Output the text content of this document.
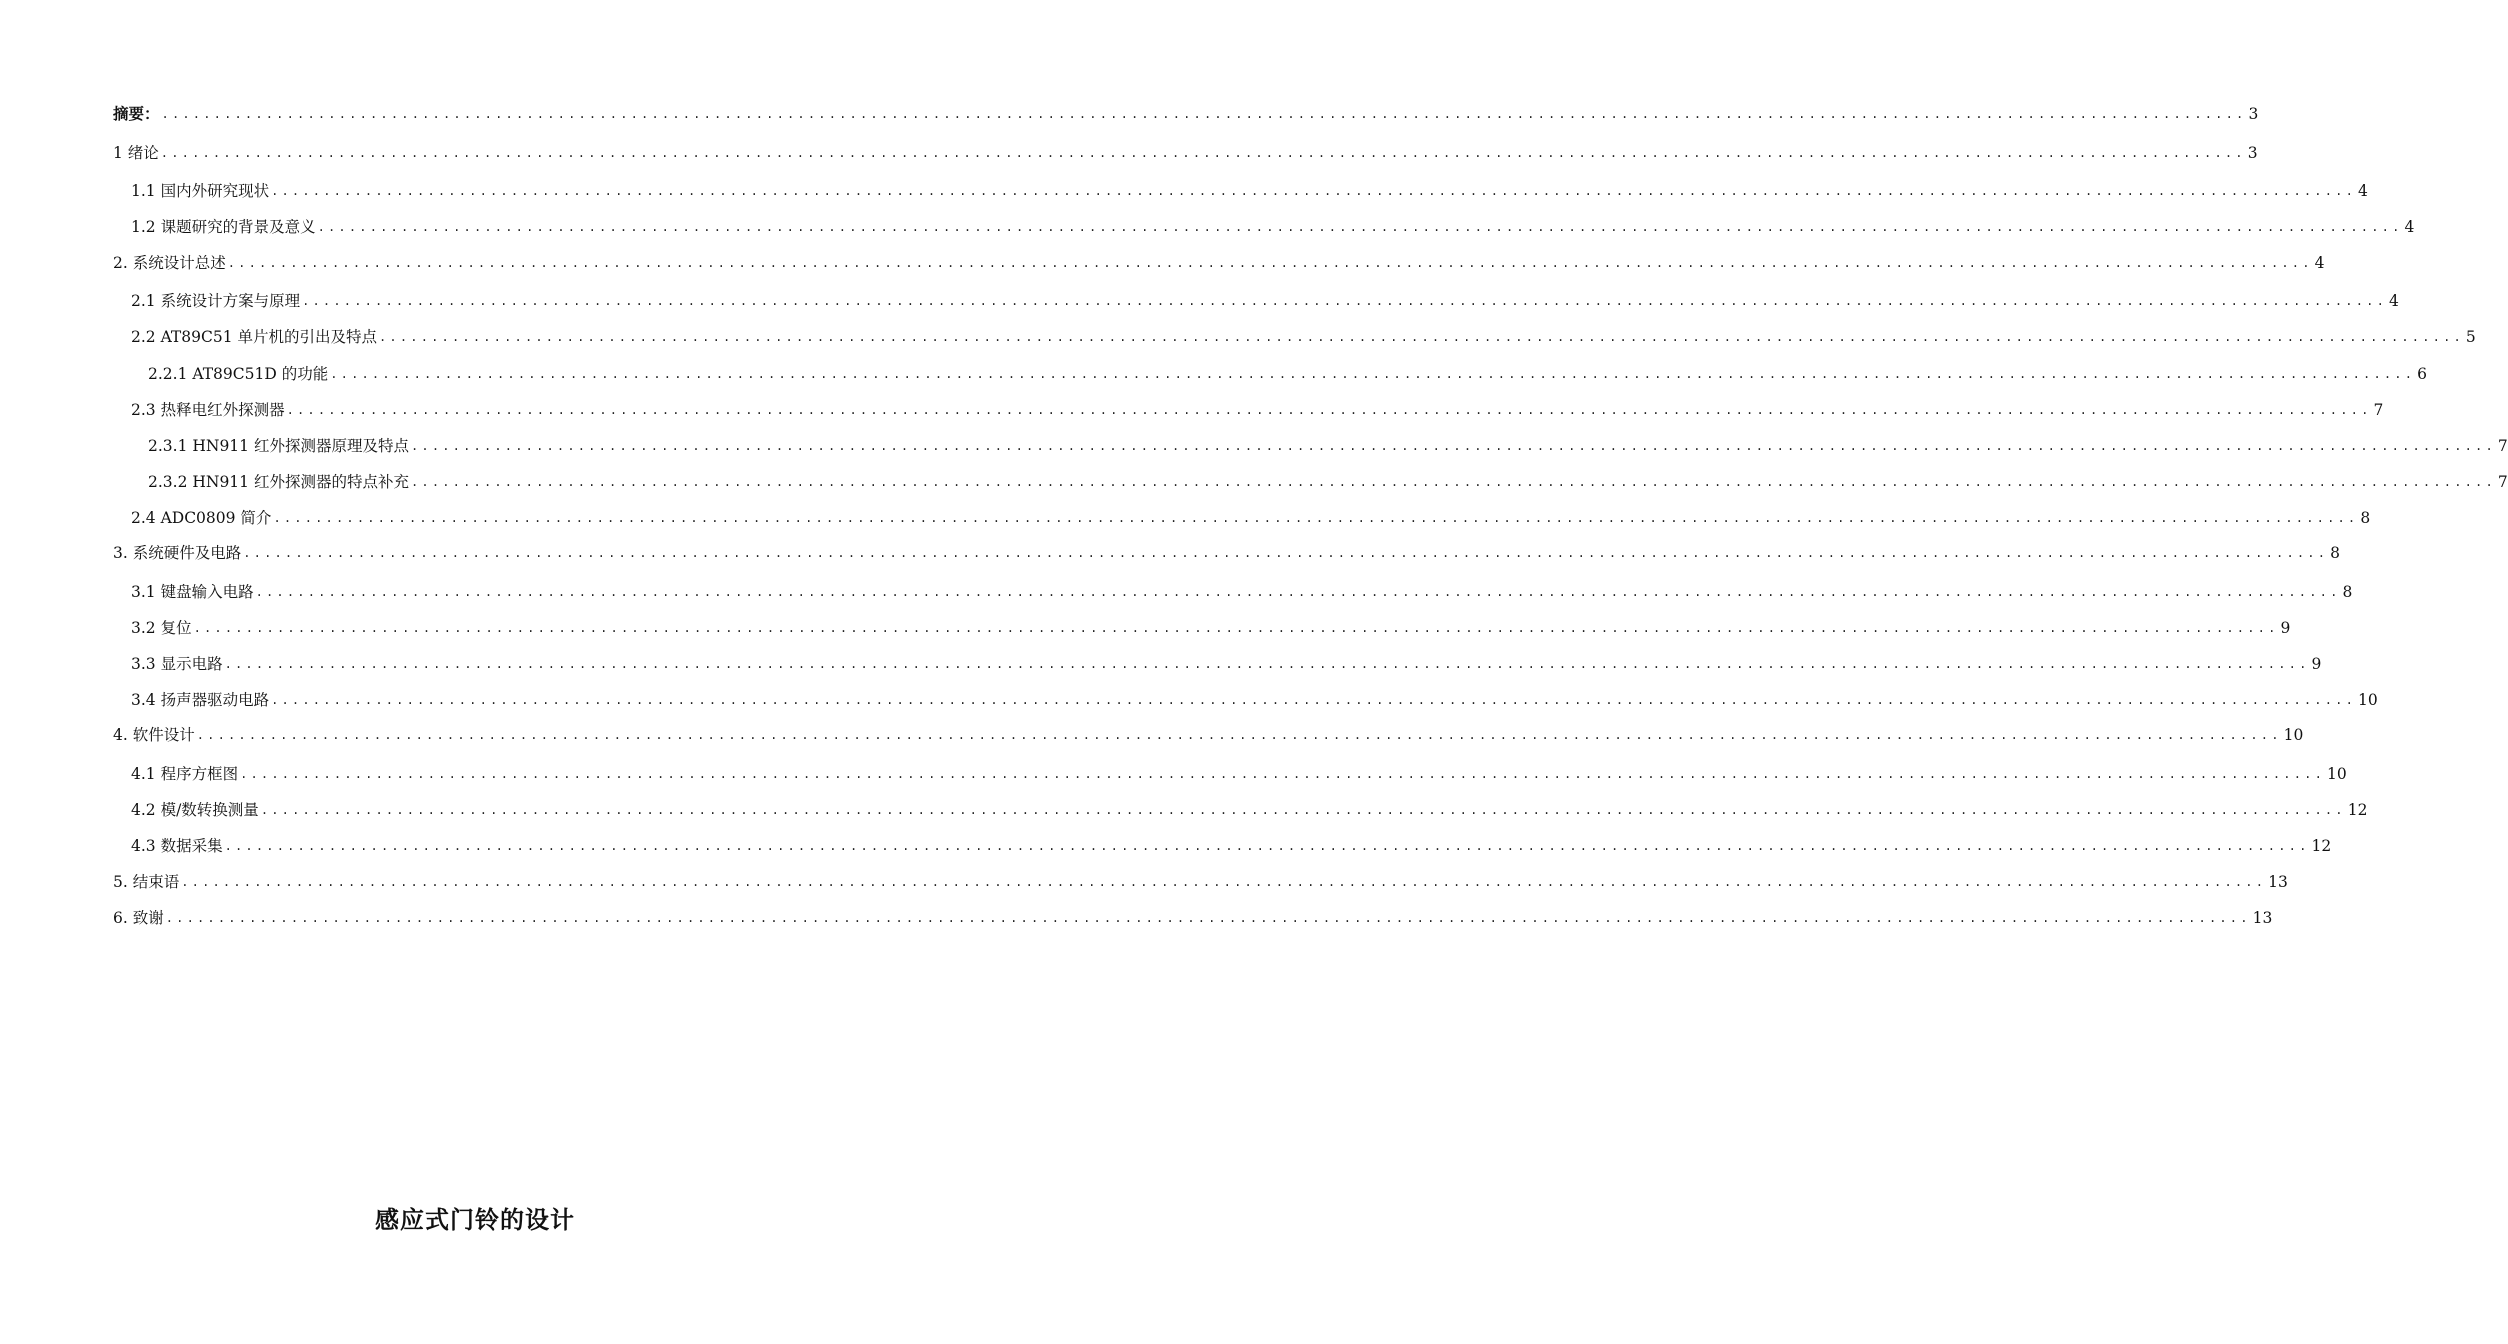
摘要： ........................................................................................................................................................................................................ 3
1 绪论 ........................................................................................................................................................................................................ 3
1.1 国内外研究现状 ........................................................................................................................................................................................................ 4
1.2 课题研究的背景及意义 ........................................................................................................................................................................................................ 4
2. 系统设计总述 ........................................................................................................................................................................................................ 4
2.1 系统设计方案与原理 ........................................................................................................................................................................................................ 4
2.2 AT89C51 单片机的引出及特点 ........................................................................................................................................................................................................ 5
2.2.1 AT89C51D 的功能 ........................................................................................................................................................................................................ 6
2.3 热释电红外探测器 ........................................................................................................................................................................................................ 7
2.3.1 HN911 红外探测器原理及特点 ........................................................................................................................................................................................................ 7
2.3.2 HN911 红外探测器的特点补充 ........................................................................................................................................................................................................ 7
2.4 ADC0809 简介 ........................................................................................................................................................................................................ 8
3. 系统硬件及电路 ........................................................................................................................................................................................................ 8
3.1 键盘输入电路 ........................................................................................................................................................................................................ 8
3.2 复位 ........................................................................................................................................................................................................ 9
3.3 显示电路 ........................................................................................................................................................................................................ 9
3.4 扬声器驱动电路 ........................................................................................................................................................................................................ 10
4. 软件设计 ........................................................................................................................................................................................................ 10
4.1 程序方框图 ........................................................................................................................................................................................................ 10
4.2 模/数转换测量 ........................................................................................................................................................................................................ 12
4.3 数据采集 ........................................................................................................................................................................................................ 12
5. 结束语 ........................................................................................................................................................................................................ 13
6. 致谢 ........................................................................................................................................................................................................ 13
感应式门铃的设计
